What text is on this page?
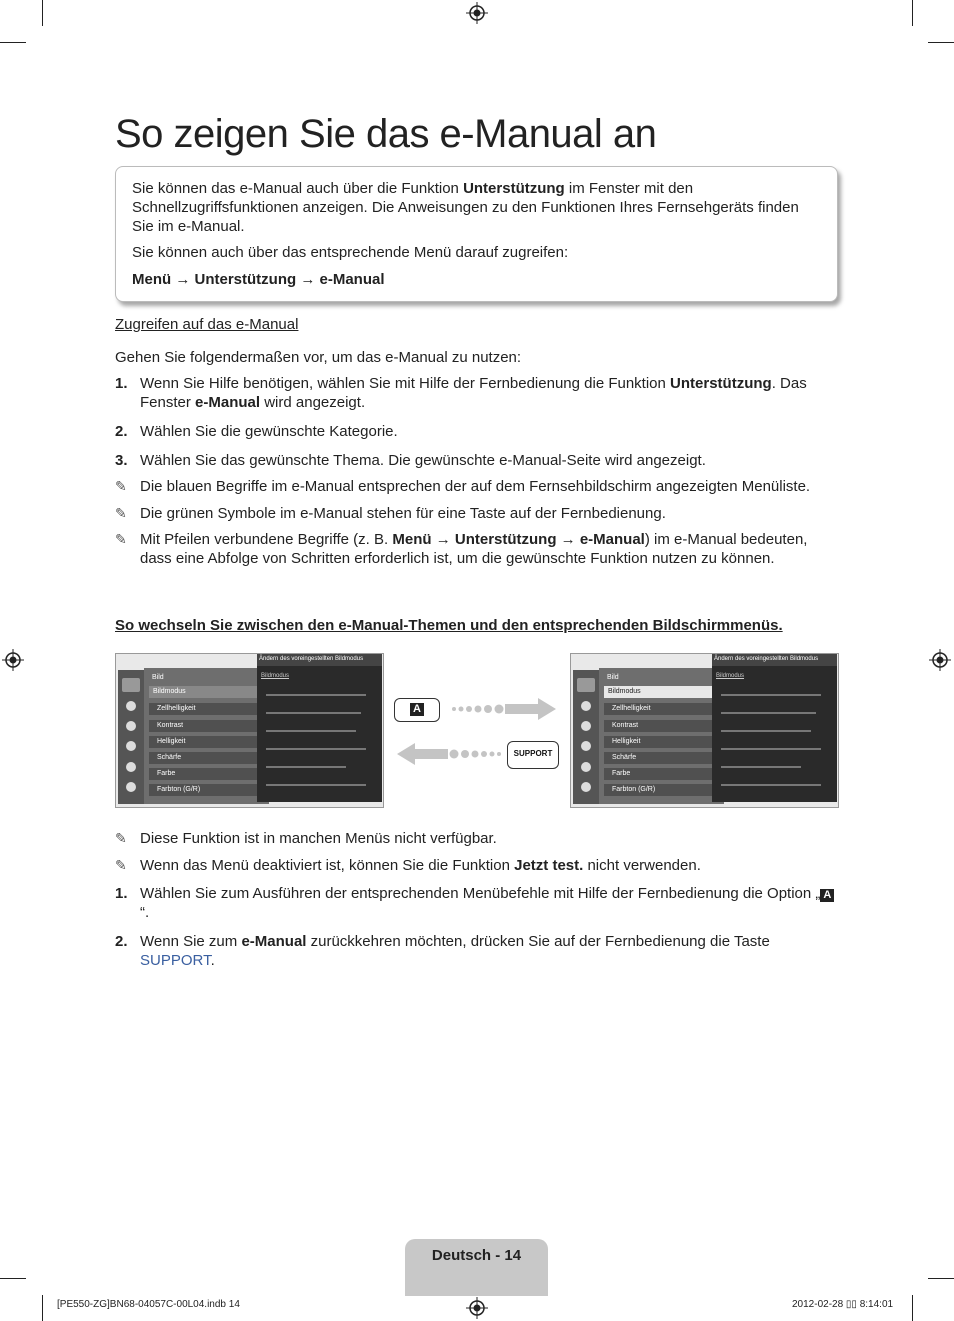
So zeigen Sie das e-Manual an

Sie können das e-Manual auch über die Funktion Unterstützung im Fenster mit den Schnellzugriffsfunktionen anzeigen. Die Anweisungen zu den Funktionen Ihres Fernsehgeräts finden Sie im e-Manual.

Sie können auch über das entsprechende Menü darauf zugreifen:

Menü → Unterstützung → e-Manual

Zugreifen auf das e-Manual

Gehen Sie folgendermaßen vor, um das e-Manual zu nutzen:

1. Wenn Sie Hilfe benötigen, wählen Sie mit Hilfe der Fernbedienung die Funktion Unterstützung. Das Fenster e-Manual wird angezeigt.
2. Wählen Sie die gewünschte Kategorie.
3. Wählen Sie das gewünschte Thema. Die gewünschte e-Manual-Seite wird angezeigt.
✎ Die blauen Begriffe im e-Manual entsprechen der auf dem Fernsehbildschirm angezeigten Menüliste.
✎ Die grünen Symbole im e-Manual stehen für eine Taste auf der Fernbedienung.
✎ Mit Pfeilen verbundene Begriffe (z. B. Menü → Unterstützung → e-Manual) im e-Manual bedeuten, dass eine Abfolge von Schritten erforderlich ist, um die gewünschte Funktion nutzen zu können.
So wechseln Sie zwischen den e-Manual-Themen und den entsprechenden Bildschirmmenüs.
Bild
Bildmodus
Zellhelligkeit
Kontrast
Helligkeit
Schärfe
Farbe
Farbton (G/R)
Ändern des voreingestellten Bildmodus
Bildmodus	Bild
Bildmodus
Zellhelligkeit
Kontrast
Helligkeit
Schärfe
Farbe
Farbton (G/R)
Ändern des voreingestellten Bildmodus
Bildmodus
A
SUPPORT
✎ Diese Funktion ist in manchen Menüs nicht verfügbar.
✎ Wenn das Menü deaktiviert ist, können Sie die Funktion Jetzt test. nicht verwenden.
1. Wählen Sie zum Ausführen der entsprechenden Menübefehle mit Hilfe der Fernbedienung die Option „ A“.
2. Wenn Sie zum e-Manual zurückkehren möchten, drücken Sie auf der Fernbedienung die Taste SUPPORT.
Deutsch - 14
[PE550-ZG]BN68-04057C-00L04.indb 14	2012-02-28 ▯▯ 8:14:01
